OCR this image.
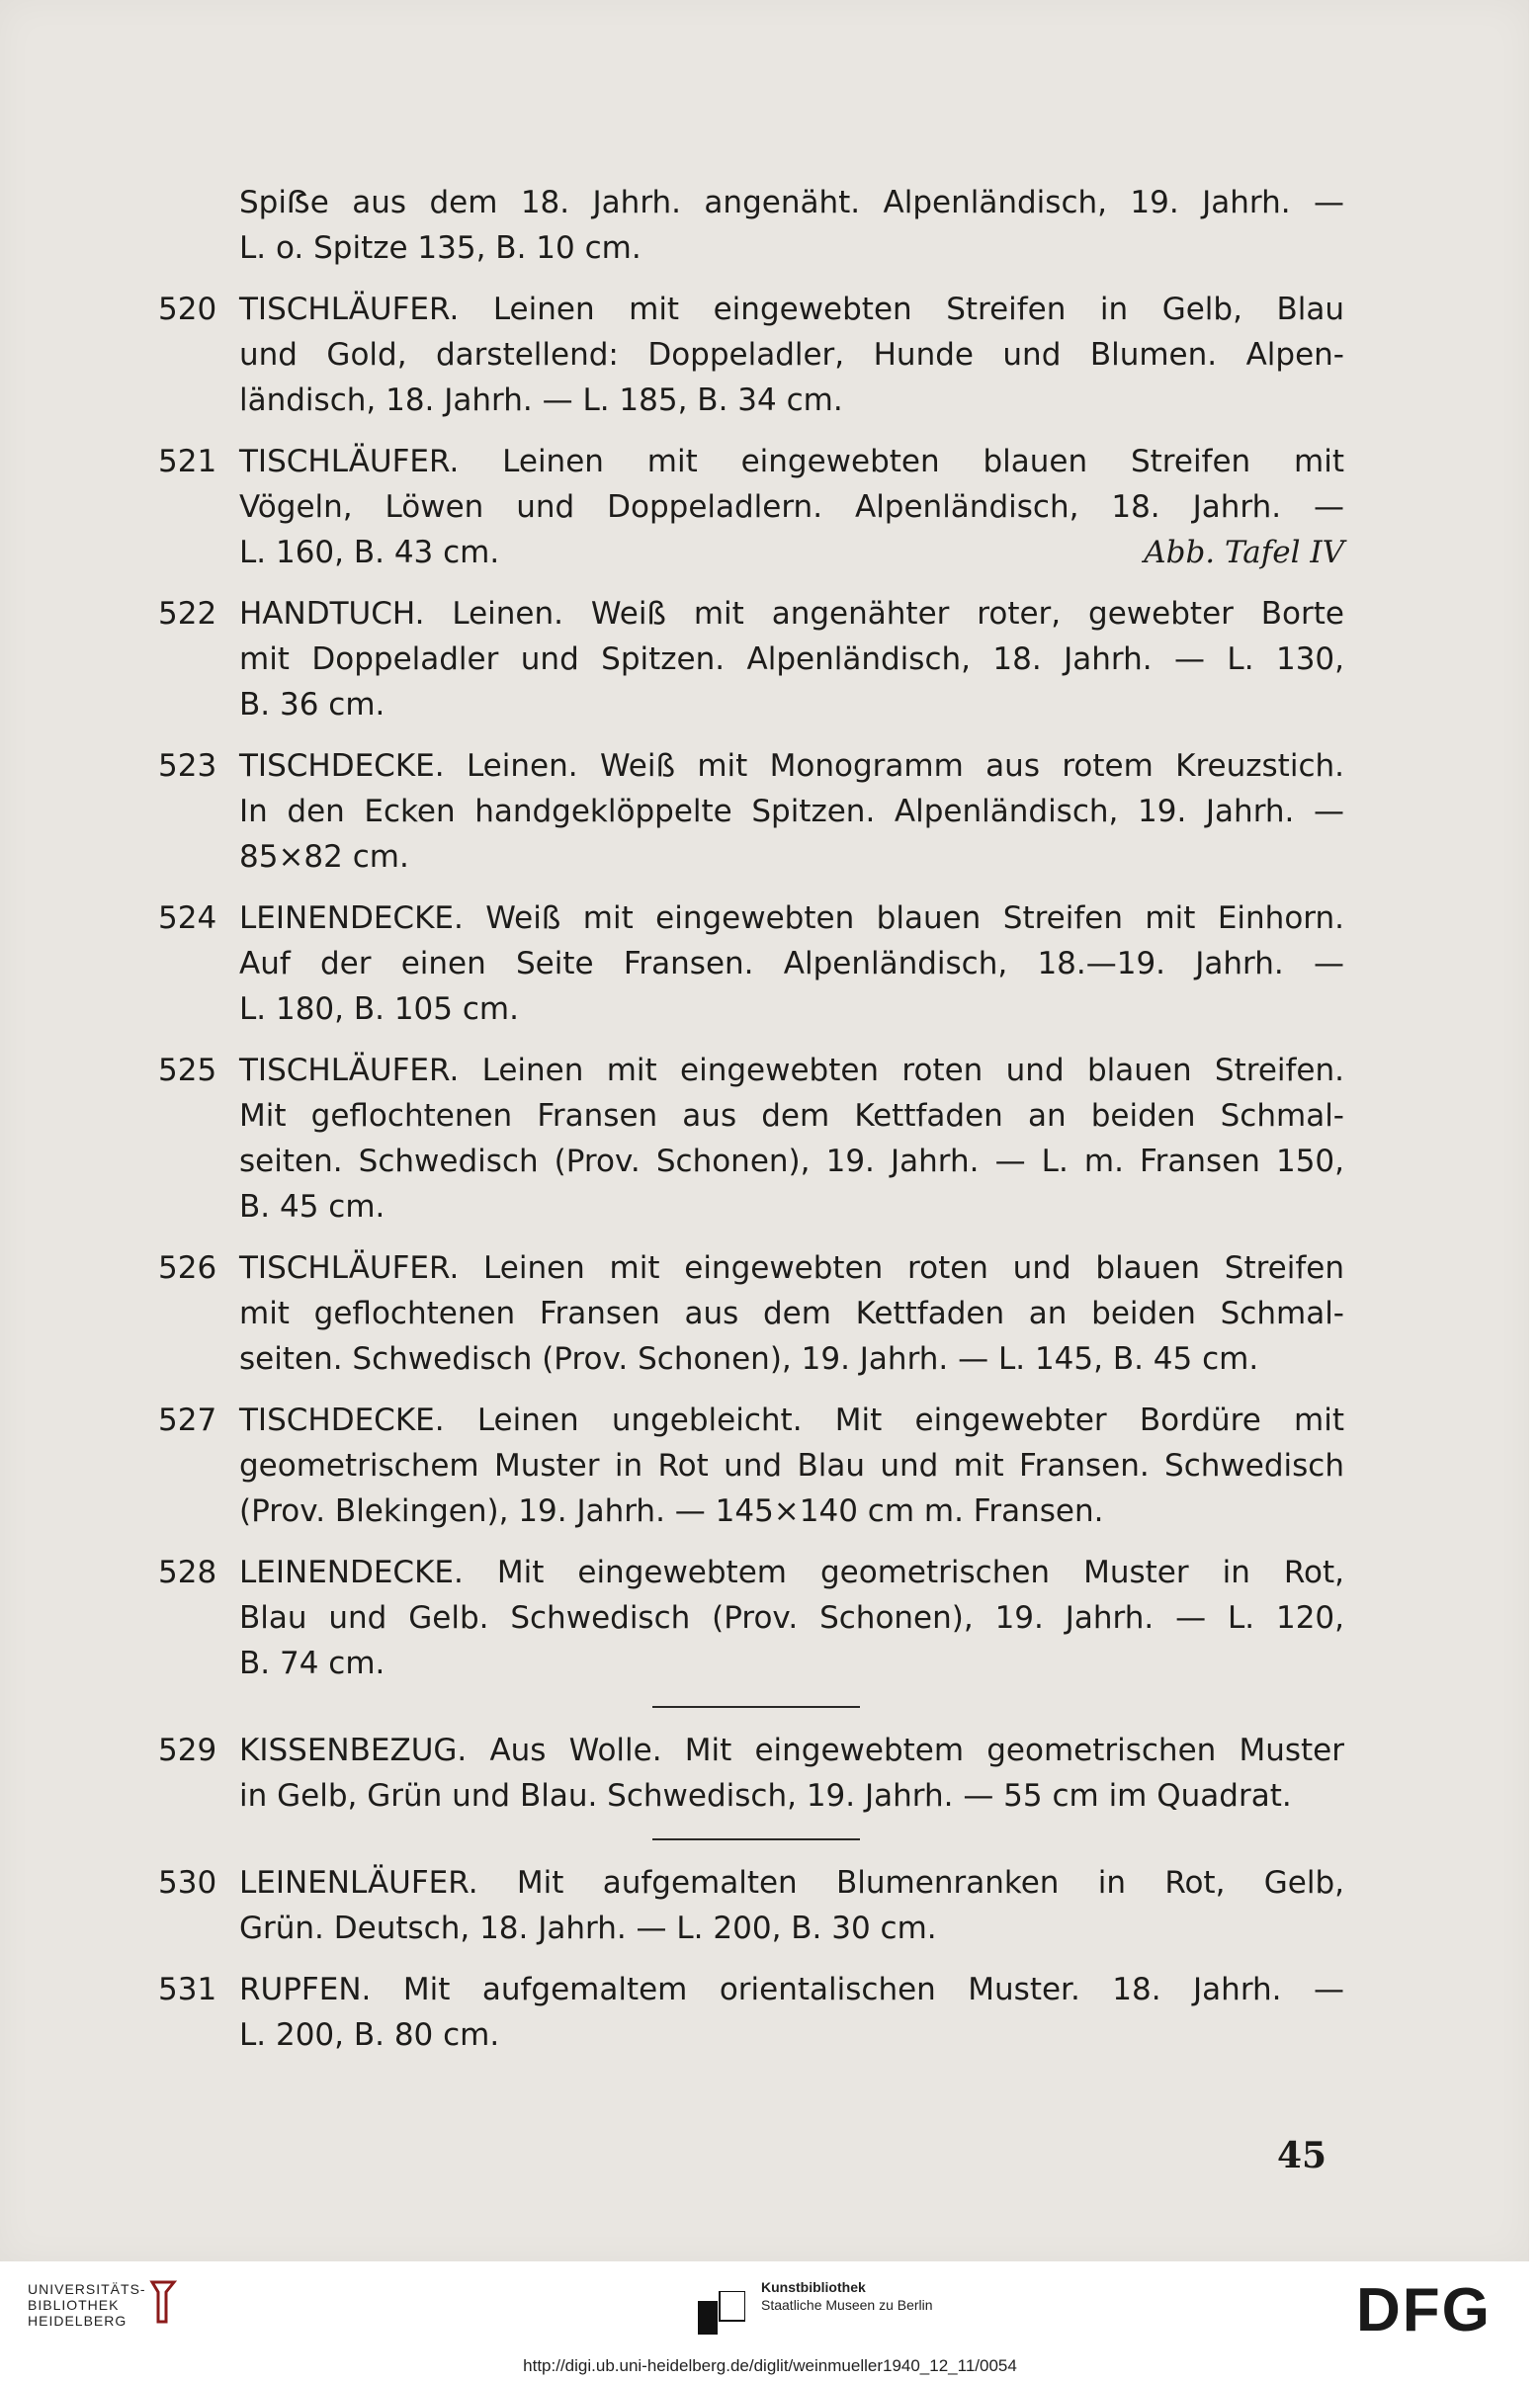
Spiẞe aus dem 18. Jahrh. angenäht. Alpenländisch, 19. Jahrh. —
L. o. Spitze 135, B. 10 cm.
520 TISCHLÄUFER. Leinen mit eingewebten Streifen in Gelb, Blau
und Gold, darstellend: Doppeladler, Hunde und Blumen. Alpen-
ländisch, 18. Jahrh. — L. 185, B. 34 cm.
521 TISCHLÄUFER. Leinen mit eingewebten blauen Streifen mit
Vögeln, Löwen und Doppeladlern. Alpenländisch, 18. Jahrh. —
L. 160, B. 43 cm.	Abb. Tafel IV
522 HANDTUCH. Leinen. Weiß mit angenähter roter, gewebter Borte
mit Doppeladler und Spitzen. Alpenländisch, 18. Jahrh. — L. 130,
B. 36 cm.
523 TISCHDECKE. Leinen. Weiß mit Monogramm aus rotem Kreuzstich.
In den Ecken handgeklöppelte Spitzen. Alpenländisch, 19. Jahrh. —
85×82 cm.
524 LEINENDECKE. Weiß mit eingewebten blauen Streifen mit Einhorn.
Auf der einen Seite Fransen. Alpenländisch, 18.—19. Jahrh. —
L. 180, B. 105 cm.
525 TISCHLÄUFER. Leinen mit eingewebten roten und blauen Streifen.
Mit geflochtenen Fransen aus dem Kettfaden an beiden Schmal-
seiten. Schwedisch (Prov. Schonen), 19. Jahrh. — L. m. Fransen 150,
B. 45 cm.
526 TISCHLÄUFER. Leinen mit eingewebten roten und blauen Streifen
mit geflochtenen Fransen aus dem Kettfaden an beiden Schmal-
seiten. Schwedisch (Prov. Schonen), 19. Jahrh. — L. 145, B. 45 cm.
527 TISCHDECKE. Leinen ungebleicht. Mit eingewebter Bordüre mit
geometrischem Muster in Rot und Blau und mit Fransen. Schwedisch
(Prov. Blekingen), 19. Jahrh. — 145×140 cm m. Fransen.
528 LEINENDECKE. Mit eingewebtem geometrischen Muster in Rot,
Blau und Gelb. Schwedisch (Prov. Schonen), 19. Jahrh. — L. 120,
B. 74 cm.
529 KISSENBEZUG. Aus Wolle. Mit eingewebtem geometrischen Muster
in Gelb, Grün und Blau. Schwedisch, 19. Jahrh. — 55 cm im Quadrat.
530 LEINENLÄUFER. Mit aufgemalten Blumenranken in Rot, Gelb,
Grün. Deutsch, 18. Jahrh. — L. 200, B. 30 cm.
531 RUPFEN. Mit aufgemaltem orientalischen Muster. 18. Jahrh. —
L. 200, B. 80 cm.
45
UNIVERSITÄTS-
BIBLIOTHEK
HEIDELBERG
Kunstbibliothek
Staatliche Museen zu Berlin	DFG
http://digi.ub.uni-heidelberg.de/diglit/weinmueller1940_12_11/0054
